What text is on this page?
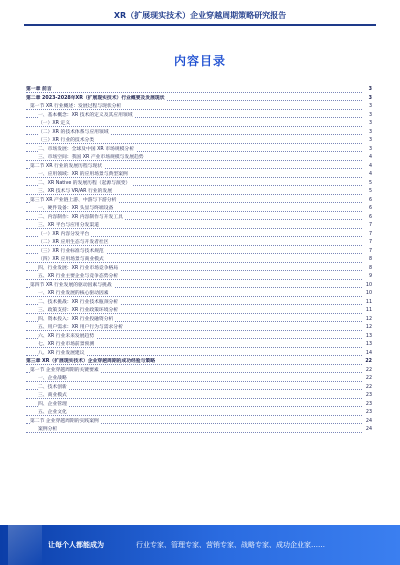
XR（扩展现实技术）企业穿越周期策略研究报告
内容目录
第一章 前言	3
第二章 2023-2028年XR（扩展现实技术）行业概要及发展现状	3
第一节 XR 行业概述：发展过程与现状分析	3
一、基本概念：XR 技术的定义及其应用领域	3
（一）XR 定义	3
（二）XR 的技术体系与应用领域	3
（三）XR 行业的技术分类	3
二、市场发展：全球及中国 XR 市场规模分析	3
三、市场空间：我国 XR 产业市场规模与发展趋势	4
第二节 XR 行业的发展历程与现状	4
一、应用领域：XR 的应用场景与典型案例	4
二、XR Native 的发展历程（起源与演变）	5
三、XR 技术与 VR/AR 行业的发展	5
第三节 XR 产业链上游、中游与下游分析	6
一、硬件设备：XR 头显与终端设备	6
二、内容制作：XR 内容制作与开发工具	6
三、XR 平台与应用分发渠道	7
（一）XR 内容分发平台	7
（二）XR 应用生态与开发者社区	7
（三）XR 行业标准与技术规范	7
（四）XR 应用场景与商业模式	8
四、行业发展：XR 行业市场竞争格局	8
五、XR 行业主要企业与竞争态势分析	9
第四节 XR 行业发展的驱动因素与挑战	10
一、XR 行业发展的核心驱动因素	10
二、技术挑战：XR 行业技术瓶颈分析	11
三、政策支持：XR 行业政策环境分析	11
四、资本投入：XR 行业投融资分析	12
五、用户需求：XR 用户行为与需求分析	12
六、XR 行业未来发展趋势	13
七、XR 行业市场前景预测	13
八、XR 行业发展建议	14
第三章 XR（扩展现实技术）企业穿越周期的成功经验与策略	22
第一节 企业穿越周期的关键要素	22
一、企业战略	22
二、技术创新	22
三、商业模式	23
四、企业管理	23
五、企业文化	23
第二节 企业穿越周期的实践案例	24
案例分析	24
让每个人都能成为	行业专家、管理专家、营销专家、战略专家、成功企业家……
